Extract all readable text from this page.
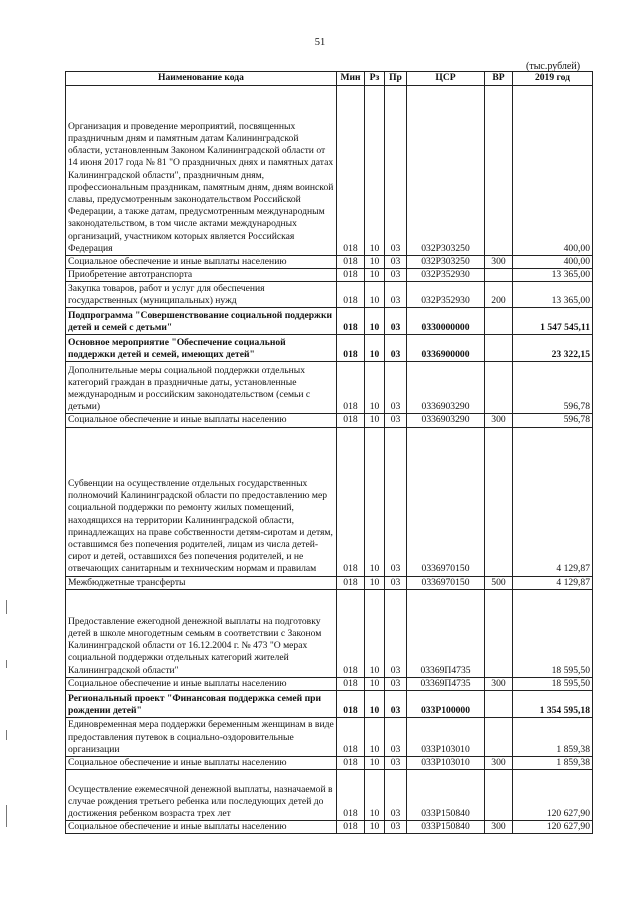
51
(тыс.рублей)
Наименование кода	Мин	Рз	Пр	ЦСР	ВР	2019 год
Организация и проведение мероприятий, посвященных праздничным дням и памятным датам Калининградской области, установленным Законом Калининградской области от 14 июня 2017 года № 81 "О праздничных днях и памятных датах Калининградской области", праздничным дням, профессиональным праздникам, памятным дням, дням воинской славы, предусмотренным законодательством Российской Федерации, а также датам, предусмотренным международным законодательством, в том числе актами международных организаций, участником которых является Российская Федерация	018	10	03	032P303250		400,00
Социальное обеспечение и иные выплаты населению	018	10	03	032P303250	300	400,00
Приобретение автотранспорта	018	10	03	032P352930		13 365,00
Закупка товаров, работ и услуг для обеспечения государственных (муниципальных) нужд	018	10	03	032P352930	200	13 365,00
Подпрограмма "Совершенствование социальной поддержки детей и семей с детьми"	018	10	03	0330000000		1 547 545,11
Основное мероприятие "Обеспечение социальной поддержки детей и семей, имеющих детей"	018	10	03	0336900000		23 322,15
Дополнительные меры социальной поддержки отдельных категорий граждан в праздничные даты, установленные международным и российским законодательством (семьи с детьми)	018	10	03	0336903290		596,78
Социальное обеспечение и иные выплаты населению	018	10	03	0336903290	300	596,78
Субвенции на осуществление отдельных государственных полномочий Калининградской области по предоставлению мер социальной поддержки по ремонту жилых помещений, находящихся на территории Калининградской области, принадлежащих на праве собственности детям-сиротам и детям, оставшимся без попечения родителей, лицам из числа детей-сирот и детей, оставшихся без попечения родителей, и не отвечающих санитарным и техническим нормам и правилам	018	10	03	0336970150		4 129,87
Межбюджетные трансферты	018	10	03	0336970150	500	4 129,87
Предоставление ежегодной денежной выплаты на подготовку детей в школе многодетным семьям в соответствии с Законом Калининградской области от 16.12.2004 г. № 473 "О мерах социальной поддержки отдельных категорий жителей Калининградской области"	018	10	03	03369П4735		18 595,50
Социальное обеспечение и иные выплаты населению	018	10	03	03369П4735	300	18 595,50
Региональный проект "Финансовая поддержка семей при рождении детей"	018	10	03	033P100000		1 354 595,18
Единовременная мера поддержки беременным женщинам в виде предоставления путевок в социально-оздоровительные организации	018	10	03	033P103010		1 859,38
Социальное обеспечение и иные выплаты населению	018	10	03	033P103010	300	1 859,38
Осуществление ежемесячной денежной выплаты, назначаемой в случае рождения третьего ребенка или последующих детей до достижения ребенком возраста трех лет	018	10	03	033P150840		120 627,90
Социальное обеспечение и иные выплаты населению	018	10	03	033P150840	300	120 627,90
